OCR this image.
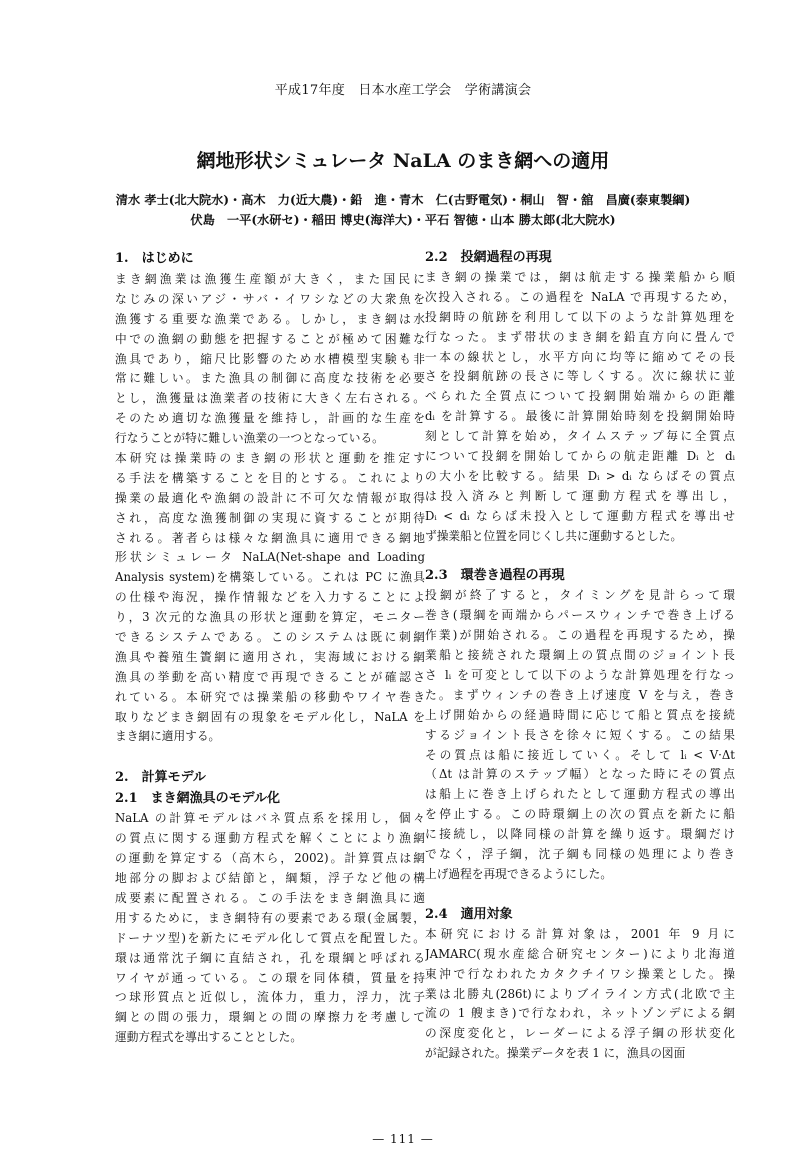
平成17年度　日本水産工学会　学術講演会
網地形状シミュレータ NaLA のまき網への適用
清水 孝士(北大院水)・高木　力(近大農)・鉛　進・青木　仁(古野電気)・桐山　智・舘　昌廣(泰東製綱)
伏島　一平(水研セ)・稲田 博史(海洋大)・平石 智徳・山本 勝太郎(北大院水)
1.　はじめに
まき網漁業は漁獲生産額が大きく，また国民に
なじみの深いアジ・サバ・イワシなどの大衆魚を
漁獲する重要な漁業である。しかし，まき網は水
中での漁網の動態を把握することが極めて困難な
漁具であり，縮尺比影響のため水槽模型実験も非
常に難しい。また漁具の制御に高度な技術を必要
とし，漁獲量は漁業者の技術に大きく左右される。
そのため適切な漁獲量を維持し，計画的な生産を
行なうことが特に難しい漁業の一つとなっている。
本研究は操業時のまき網の形状と運動を推定す
る手法を構築することを目的とする。これにより
操業の最適化や漁網の設計に不可欠な情報が取得
され，高度な漁獲制御の実現に資することが期待
される。著者らは様々な網漁具に適用できる網地
形状シミュレータ NaLA(Net-shape and Loading
Analysis system)を構築している。これは PC に漁具
の仕様や海況，操作情報などを入力することによ
り，3 次元的な漁具の形状と運動を算定，モニター
できるシステムである。このシステムは既に刺網
漁具や養殖生簀網に適用され，実海域における網
漁具の挙動を高い精度で再現できることが確認さ
れている。本研究では操業船の移動やワイヤ巻き
取りなどまき網固有の現象をモデル化し，NaLA を
まき網に適用する。
2.　計算モデル
2.1　まき網漁具のモデル化
NaLA の計算モデルはバネ質点系を採用し，個々
の質点に関する運動方程式を解くことにより漁網
の運動を算定する（高木ら，2002)。計算質点は網
地部分の脚および結節と，綱類，浮子など他の構
成要素に配置される。この手法をまき網漁具に適
用するために，まき網特有の要素である環(金属製，
ドーナツ型)を新たにモデル化して質点を配置した。
環は通常沈子綱に直結され，孔を環綱と呼ばれる
ワイヤが通っている。この環を同体積，質量を持
つ球形質点と近似し，流体力，重力，浮力，沈子
綱との間の張力，環綱との間の摩擦力を考慮して
運動方程式を導出することとした。
2.2　投網過程の再現
まき網の操業では，網は航走する操業船から順
次投入される。この過程を NaLA で再現するため，
投網時の航跡を利用して以下のような計算処理を
行なった。まず帯状のまき網を鉛直方向に畳んで
一本の線状とし，水平方向に均等に縮めてその長
さを投網航跡の長さに等しくする。次に線状に並
べられた全質点について投網開始端からの距離
dᵢ を計算する。最後に計算開始時刻を投網開始時
刻として計算を始め，タイムステップ毎に全質点
について投網を開始してからの航走距離 Dᵢ と dᵢ
の大小を比較する。結果 Dᵢ > dᵢ ならばその質点
は投入済みと判断して運動方程式を導出し，
Dᵢ < dᵢ ならば未投入として運動方程式を導出せ
ず操業船と位置を同じくし共に運動するとした。
2.3　環巻き過程の再現
投網が終了すると，タイミングを見計らって環
巻き(環綱を両端からパースウィンチで巻き上げる
作業)が開始される。この過程を再現するため，操
業船と接続された環綱上の質点間のジョイント長
さ lᵢ を可変として以下のような計算処理を行なっ
た。まずウィンチの巻き上げ速度 V を与え，巻き
上げ開始からの経過時間に応じて船と質点を接続
するジョイント長さを徐々に短くする。この結果
その質点は船に接近していく。そして lᵢ < V·Δt
（Δt は計算のステップ幅）となった時にその質点
は船上に巻き上げられたとして運動方程式の導出
を停止する。この時環綱上の次の質点を新たに船
に接続し，以降同様の計算を繰り返す。環綱だけ
でなく，浮子綱，沈子綱も同様の処理により巻き
上げ過程を再現できるようにした。
2.4　適用対象
本研究における計算対象は，2001 年 9 月に
JAMARC(現水産総合研究センター)により北海道
東沖で行なわれたカタクチイワシ操業とした。操
業は北勝丸(286t)によりブイライン方式(北欧で主
流の 1 艘まき)で行なわれ，ネットゾンデによる網
の深度変化と，レーダーによる浮子綱の形状変化
が記録された。操業データを表 1 に，漁具の図面
— 111 —
